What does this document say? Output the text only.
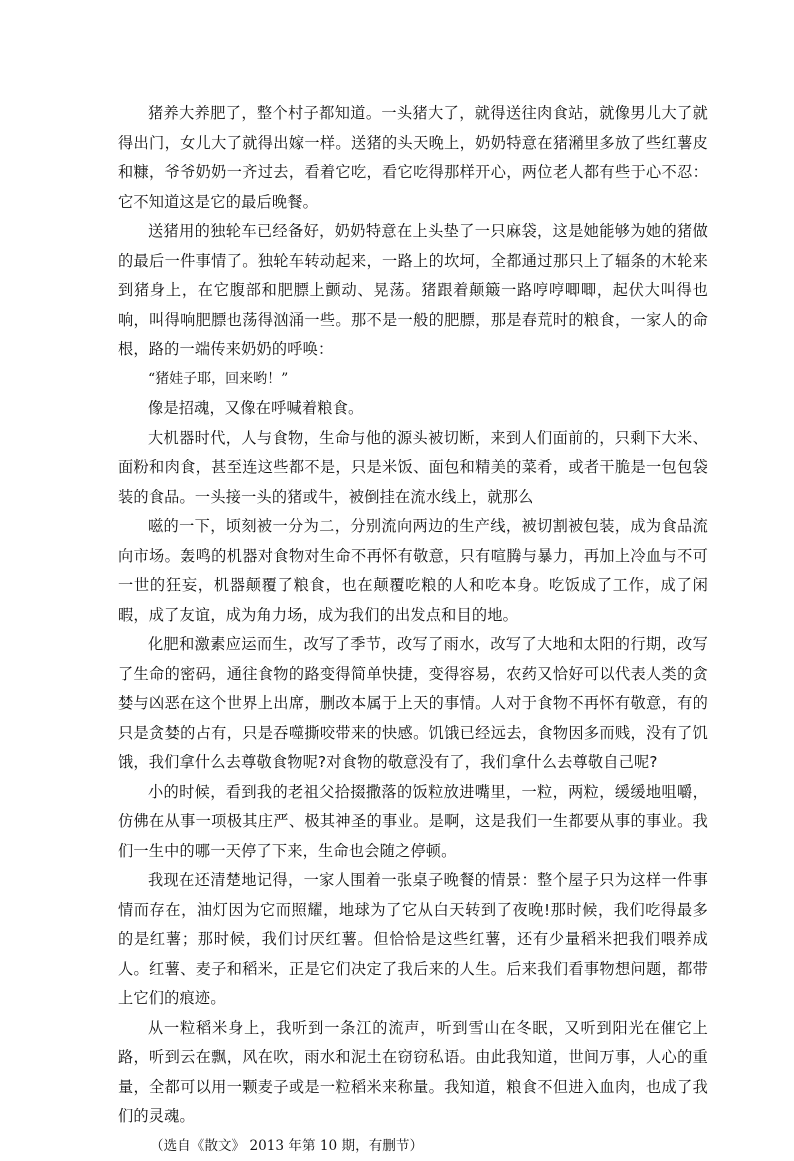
猪养大养肥了，整个村子都知道。一头猪大了，就得送往肉食站，就像男儿大了就得出门，女儿大了就得出嫁一样。送猪的头天晚上，奶奶特意在猪潲里多放了些红薯皮和糠，爷爷奶奶一齐过去，看着它吃，看它吃得那样开心，两位老人都有些于心不忍：它不知道这是它的最后晚餐。

送猪用的独轮车已经备好，奶奶特意在上头垫了一只麻袋，这是她能够为她的猪做的最后一件事情了。独轮车转动起来，一路上的坎坷，全都通过那只上了辐条的木轮来到猪身上，在它腹部和肥膘上颤动、晃荡。猪跟着颠簸一路哼哼唧唧，起伏大叫得也响，叫得响肥膘也荡得汹涌一些。那不是一般的肥膘，那是春荒时的粮食，一家人的命根，路的一端传来奶奶的呼唤：

“猪娃子耶，回来哟！”

像是招魂，又像在呼喊着粮食。

大机器时代，人与食物，生命与他的源头被切断，来到人们面前的，只剩下大米、面粉和肉食，甚至连这些都不是，只是米饭、面包和精美的菜肴，或者干脆是一包包袋装的食品。一头接一头的猪或牛，被倒挂在流水线上，就那么

嗞的一下，顷刻被一分为二，分别流向两边的生产线，被切割被包装，成为食品流向市场。轰鸣的机器对食物对生命不再怀有敬意，只有喧腾与暴力，再加上冷血与不可一世的狂妄，机器颠覆了粮食，也在颠覆吃粮的人和吃本身。吃饭成了工作，成了闲暇，成了友谊，成为角力场，成为我们的出发点和目的地。

化肥和激素应运而生，改写了季节，改写了雨水，改写了大地和太阳的行期，改写了生命的密码，通往食物的路变得简单快捷，变得容易，农药又恰好可以代表人类的贪婪与凶恶在这个世界上出席，删改本属于上天的事情。人对于食物不再怀有敬意，有的只是贪婪的占有，只是吞噬撕咬带来的快感。饥饿已经远去，食物因多而贱，没有了饥饿，我们拿什么去尊敬食物呢?对食物的敬意没有了，我们拿什么去尊敬自己呢?

小的时候，看到我的老祖父拾掇撒落的饭粒放进嘴里，一粒，两粒，缓缓地咀嚼，仿佛在从事一项极其庄严、极其神圣的事业。是啊，这是我们一生都要从事的事业。我们一生中的哪一天停了下来，生命也会随之停顿。

我现在还清楚地记得，一家人围着一张桌子晚餐的情景：整个屋子只为这样一件事情而存在，油灯因为它而照耀，地球为了它从白天转到了夜晚!那时候，我们吃得最多的是红薯；那时候，我们讨厌红薯。但恰恰是这些红薯，还有少量稻米把我们喂养成人。红薯、麦子和稻米，正是它们决定了我后来的人生。后来我们看事物想问题，都带上它们的痕迹。

从一粒稻米身上，我听到一条江的流声，听到雪山在冬眠，又听到阳光在催它上路，听到云在飘，风在吹，雨水和泥土在窃窃私语。由此我知道，世间万事，人心的重量，全都可以用一颗麦子或是一粒稻米来称量。我知道，粮食不但进入血肉，也成了我们的灵魂。

（选自《散文》 2013 年第 10 期，有删节）
